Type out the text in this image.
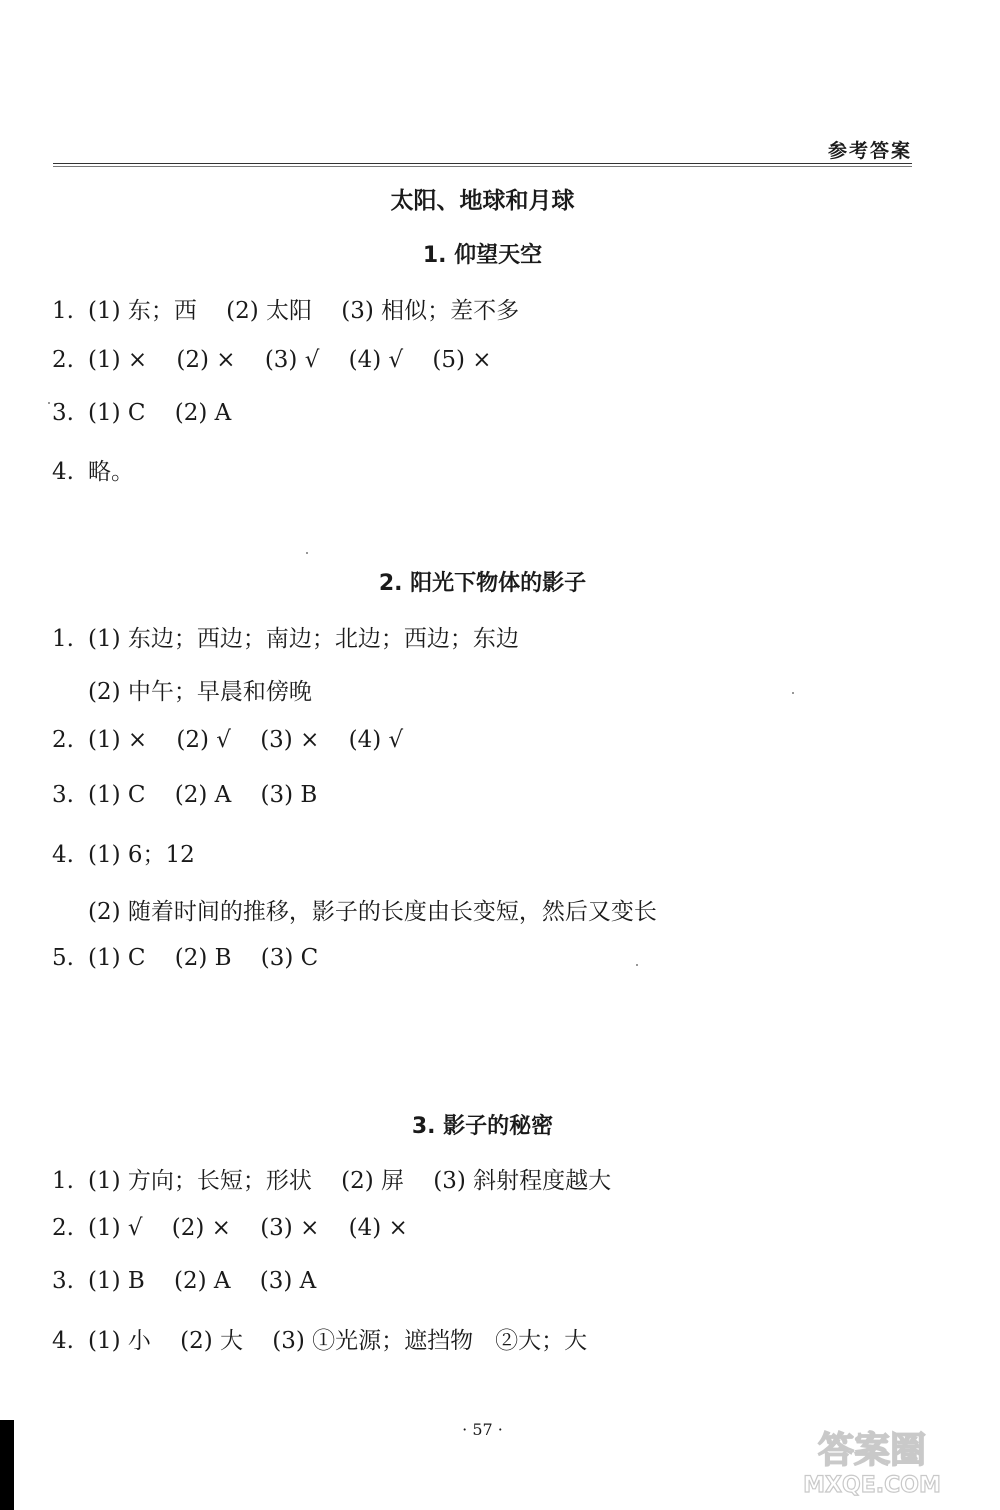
参考答案
太阳、地球和月球
1. 仰望天空
1. (1) 东；西    (2) 太阳    (3) 相似；差不多
2. (1) ×    (2) ×    (3) √    (4) √    (5) ×
3. (1) C    (2) A
4. 略。
2. 阳光下物体的影子
1. (1) 东边；西边；南边；北边；西边；东边
(2) 中午；早晨和傍晚
2. (1) ×    (2) √    (3) ×    (4) √
3. (1) C    (2) A    (3) B
4. (1) 6；12
(2) 随着时间的推移，影子的长度由长变短，然后又变长
5. (1) C    (2) B    (3) C
3. 影子的秘密
1. (1) 方向；长短；形状    (2) 屏    (3) 斜射程度越大
2. (1) √    (2) ×    (3) ×    (4) ×
3. (1) B    (2) A    (3) A
4. (1) 小    (2) 大    (3) ①光源；遮挡物   ②大；大
· 57 ·
答案圈
MXQE.COM
